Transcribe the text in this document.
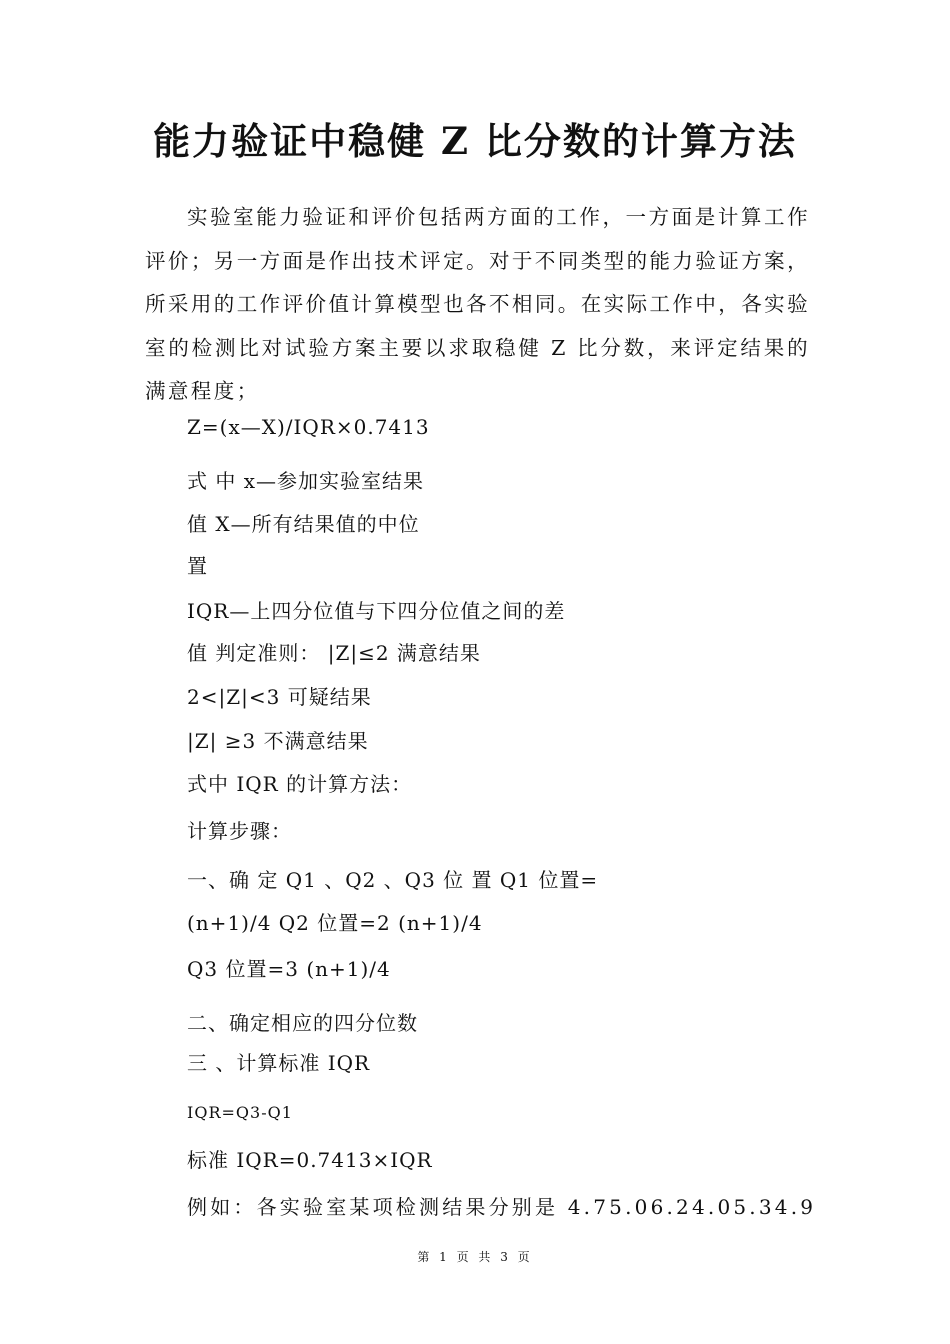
能力验证中稳健 Z 比分数的计算方法
实验室能力验证和评价包括两方面的工作，一方面是计算工作评价；另一方面是作出技术评定。对于不同类型的能力验证方案，所采用的工作评价值计算模型也各不相同。在实际工作中，各实验室的检测比对试验方案主要以求取稳健 Z 比分数，来评定结果的满意程度；
Z=(x—X)/IQR×0.7413
式 中 x—参加实验室结果
值 X—所有结果值的中位
置
IQR—上四分位值与下四分位值之间的差
值 判定准则： |Z|≤2 满意结果
2<|Z|<3 可疑结果
|Z| ≥3 不满意结果
式中 IQR 的计算方法：
计算步骤：
一、确 定 Q1 、Q2 、Q3 位 置 Q1 位置=
(n+1)/4 Q2 位置=2 (n+1)/4
Q3 位置=3 (n+1)/4
二、确定相应的四分位数
三 、计算标准 IQR
IQR=Q3-Q1
标准 IQR=0.7413×IQR
例如：各实验室某项检测结果分别是 4.75.06.24.05.34.9
第 1 页 共 3 页
